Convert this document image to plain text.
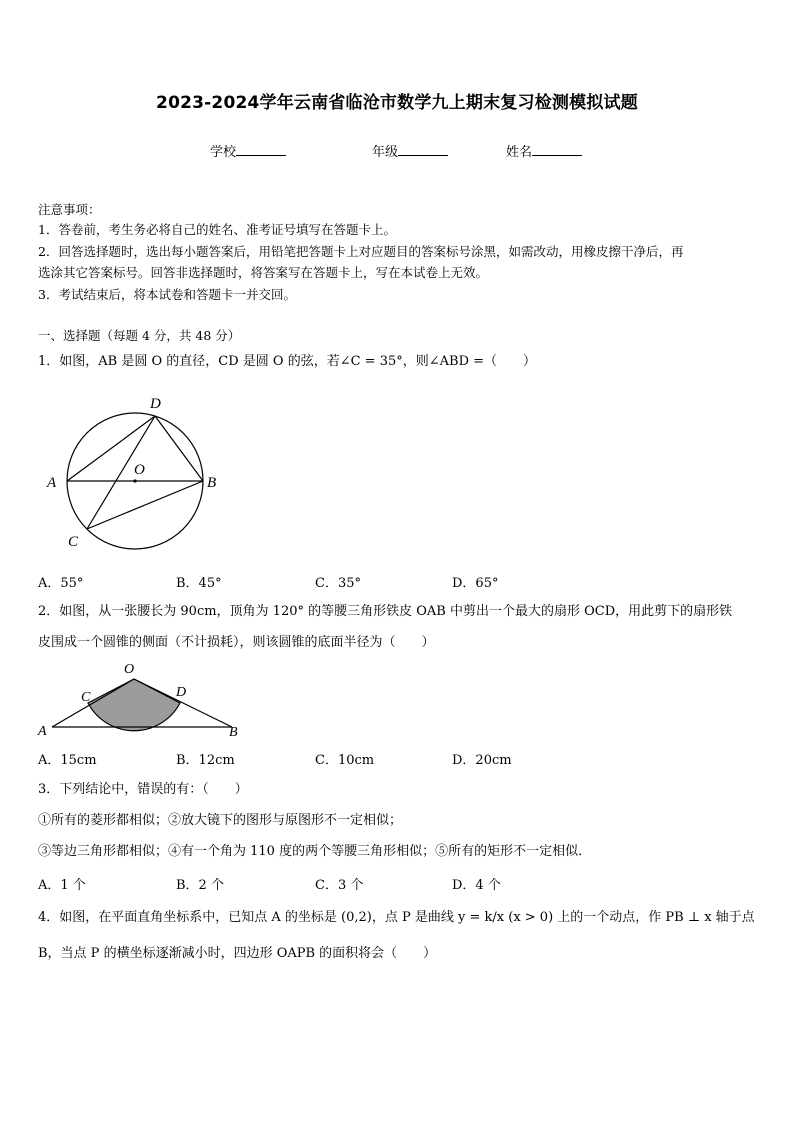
2023-2024学年云南省临沧市数学九上期末复习检测模拟试题
学校	年级	姓名
注意事项：
1．答卷前，考生务必将自己的姓名、准考证号填写在答题卡上。
2．回答选择题时，选出每小题答案后，用铅笔把答题卡上对应题目的答案标号涂黑，如需改动，用橡皮擦干净后，再
选涂其它答案标号。回答非选择题时，将答案写在答题卡上，写在本试卷上无效。
3．考试结束后，将本试卷和答题卡一并交回。
一、选择题（每题 4 分，共 48 分）
1．如图，AB 是圆 O 的直径，CD 是圆 O 的弦，若∠C = 35°，则∠ABD =（　　）
D
O
A	B
C
A．55°	B．45°	C．35°	D．65°
2．如图，从一张腰长为 90cm，顶角为 120° 的等腰三角形铁皮 OAB 中剪出一个最大的扇形 OCD，用此剪下的扇形铁
皮围成一个圆锥的侧面（不计损耗），则该圆锥的底面半径为（　　）
O
C	D
A	B
A．15cm	B．12cm	C．10cm	D．20cm
3．下列结论中，错误的有：（　　）
①所有的菱形都相似；②放大镜下的图形与原图形不一定相似；
③等边三角形都相似；④有一个角为 110 度的两个等腰三角形相似；⑤所有的矩形不一定相似．
A．1 个	B．2 个	C．3 个	D．4 个
4．如图，在平面直角坐标系中，已知点 A 的坐标是 (0,2)，点 P 是曲线 y = k/x (x > 0) 上的一个动点，作 PB ⊥ x 轴于点
B，当点 P 的横坐标逐渐减小时，四边形 OAPB 的面积将会（　　）
